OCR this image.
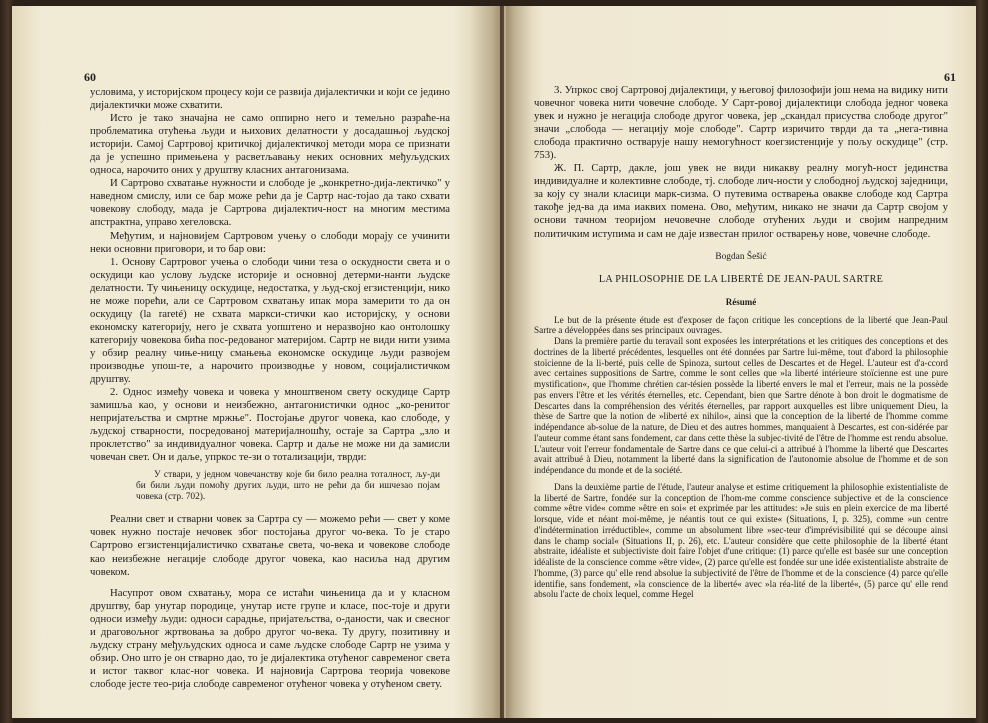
60

условима, у историјском процесу који се развија дијалектички и који се једино дијалектички може схватити.

Исто је тако значајна не само оппирно него и темељно разраће-на проблематика отућења људи и њихових делатности у досадашњој људској историји. Самој Сартровој критичкој дијалектичкој методи мора се признати да је успешно примењена у расветљавању неких основних међуљудских односа, нарочито оних у друштву класних антагонизама.

И Сартрово схватање нужности и слободе је „конкретно-дија-лектичко" у наведном смислу, или се бар може рећи да је Сартр нас-тојао да тако схвати човекову слободу, мада је Сартрова дијалектич-ност на многим местима апстрактна, управо хегеловска.

Међутим, и најновијем Сартровом учењу о слободи морају се учинити неки основни приговори, и то бар ови:

1. Основу Сартровог учења о слободи чини теза о оскудности света и о оскудици као услову људске историје и основној детерми-нанти људске делатности. Ту чињеницу оскудице, недостатка, у људ-ској егзистенцији, нико не може порећи, али се Сартровом схватању ипак мора замерити то да он оскудицу (la rareté) не схвата маркси-стички као историјску, у основи економску категорију, него је схвата уопштено и неразвојно као онтолошку категорију човекова бића пос-редованог материјом. Сартр не види нити узима у обзир реалну чиње-ницу смањења економске оскудице људи развојем производње упош-те, а нарочито производње у новом, социјалистичком друштву.

2. Однос између човека и човека у мноштвеном свету оскудице Сартр замишља као, у основи и неизбежно, антагонистички однос „ко-ренитог непријатељства и смртне мржње". Постојање другог човека, као слободе, у људској стварности, посредованој материјалношћу, остаје за Сартра „зло и проклетство" за индивидуалног човека. Сартр и даље не може ни да замисли човечан свет. Он и даље, упркос те-зи о тотализацији, тврди:

У ствари, у једном човечанству које би било реална тоталност, љу-ди би били људи помоћу других људи, што не рећи да би ишчезао појам човека (стр. 702).

Реални свет и стварни човек за Сартра су — можемо рећи — свет у коме човек нужно постаје нечовек због постојања другог чо-века. То је старо Сартрово егзистенцијалистичко схватање света, чо-века и човекове слободе као неизбежне негације слободе другог човека, као насиља над другим човеком.

Насупрот овом схватању, мора се истаћи чињеница да и у класном друштву, бар унутар породице, унутар исте групе и класе, пос-тоје и други односи између људи: односи сарадње, пријатељства, о-даности, чак и свесног и драговољног жртвовања за добро другог чо-века. Ту другу, позитивну и људску страну међуљудских односа и саме људске слободе Сартр не узима у обзир. Оно што је он стварно дао, то је дијалектика отућеног савременог света и истог таквог клас-ног човека. И најновија Сартрова теорија човекове слободе јесте теo-рија слободе савременог отућеног човека у отућеном свету.

61

3. Упркос свој Сартровој дијалектици, у његовој филозофији још нема на видику нити човечног човека нити човечне слободе. У Сарт-ровој дијалектици слобода једног човека увек и нужно је негација слободе другог човека, јер „скандал присуства слободе другог" значи „слобода — негацију моје слободе". Сартр изричито тврди да та „нега-тивна слобода практично остварује нашу немогућност коегзистенције у пољу оскудице" (стр. 753).

Ж. П. Сартр, дакле, још увек не види никакву реалну могућ-ност јединства индивидуалне и колективне слободе, тј. слободе лич-ности у слободној људској заједници, за коју су знали класици марк-сизма. О путевима остварења овакве слободе код Сартра такође јед-ва да има иаквих помена. Ово, међутим, никако не значи да Сартр својом у основи тачном теоријом нечовечне слободе отућених људи и својим напредним политичким иступима и сам не даје известан прилог остварењу нове, човечне слободе.

Bogdan Šešić

LA PHILOSOPHIE DE LA LIBERTÉ DE JEAN-PAUL SARTRE

Résumé

Le but de la présente étude est d'exposer de façon critique les conceptions de la liberté que Jean-Paul Sartre a développées dans ses principaux ouvrages.

Dans la première partie du teravail sont exposées les interprétations et les critiques des conceptions et des doctrines de la liberté précédentes, lesquelles ont été données par Sartre lui-même, tout d'abord la philosophie stoïcienne de la li-berté, puis celle de Spinoza, surtout celles de Descartes et de Hegel. L'auteur est d'a-ccord avec certaines suppositions de Sartre, comme le sont celles que »la liberté intérieure stoïcienne est une pure mystification«, que l'homme chrétien car-tésien possède la liberté envers le mal et l'erreur, mais ne la possède pas envers l'être et les vérités éternelles, etc. Cependant, bien que Sartre dénote à bon droit le dogmatisme de Descartes dans la compréhension des vérités éternelles, par rapport auxquelles est libre uniquement Dieu, la thèse de Sartre que la notion de »liberté ex nihilo«, ainsi que la conception de la liberté de l'homme comme indépendance ab-solue de la nature, de Dieu et des autres hommes, manquaient à Descartes, est con-sidérée par l'auteur comme étant sans fondement, car dans cette thèse la subjec-tivité de l'être de l'homme est rendu absolue. L'auteur voit l'erreur fondamentale de Sartre dans ce que celui-ci a attribué à l'homme la liberté que Descartes avait attribué à Dieu, notamment la liberté dans la signification de l'autonomie absolue de l'homme et de son indépendance du monde et de la société.

Dans la deuxième partie de l'étude, l'auteur analyse et estime critiquement la philosophie existentialiste de la liberté de Sartre, fondée sur la conception de l'hom-me comme conscience subjective et de la conscience comme »être vide« comme »être en soi« et exprimée par les attitudes: »Je suis en plein exercice de ma liberté lorsque, vide et néant moi-même, je néantis tout ce qui existe« (Situations, I, p. 325), comme »un centre d'indétermination irréductible«, comme un absolument libre »sec-teur d'imprévisibilité qui se découpe ainsi dans le champ social« (Situations II, p. 26), etc. L'auteur considère que cette philosophie de la liberté étant abstraite, idéaliste et subjectiviste doit faire l'objet d'une critique: (1) parce qu'elle est basée sur une conception idéaliste de la conscience comme »être vide«, (2) parce qu'elle est fondée sur une idée existentialiste abstraite de l'homme, (3) parce qu' elle rend absolue la subjectivité de l'être de l'homme et de la conscience (4) parce qu'elle identifie, sans fondement, »la conscience de la liberté« avec »la réa-lité de la liberté«, (5) parce qu' elle rend absolu l'acte de choix lequel, comme Hegel
